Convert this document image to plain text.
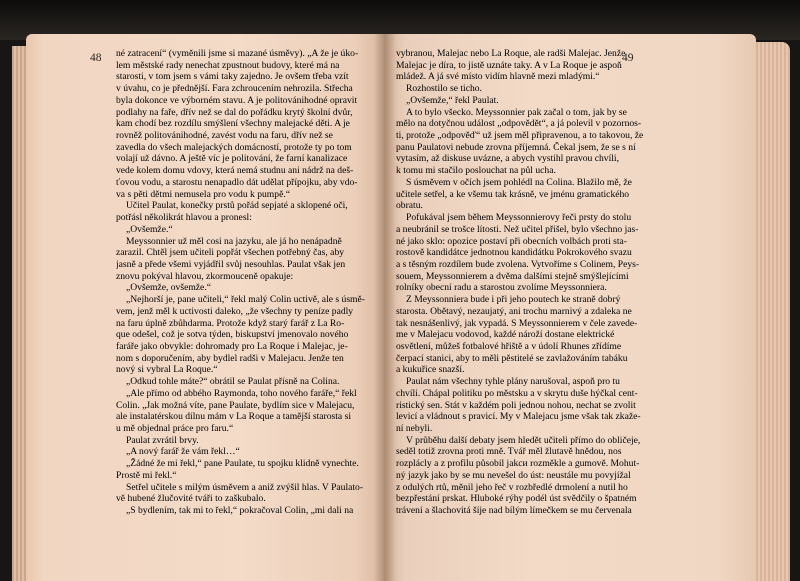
48	49
né zatracení“ (vyměnili jsme si mazané úsměvy). „A že je úko-
lem městské rady nenechat zpustnout budovy, které má na
starosti, v tom jsem s vámi taky zajedno. Je ovšem třeba vzít
v úvahu, co je přednější. Fara zchroucením nehrozila. Střecha
byla dokonce ve výborném stavu. A je politovánihodné opravit
podlahy na faře, dřív než se dal do pořádku krytý školní dvůr,
kam chodí bez rozdílu smýšlení všechny malejacké děti. A je
rovněž politovánihodné, zavést vodu na faru, dřív než se
zavedla do všech malejackých domácností, protože ty po tom
volají už dávno. A ještě víc je politování, že farní kanalizace
vede kolem domu vdovy, která nemá studnu ani nádrž na deš-
ťovou vodu, a starostu nenapadlo dát udělat přípojku, aby vdo-
va s pěti dětmi nemusela pro vodu k pumpě.“
Učitel Paulat, konečky prstů pořád sepjaté a sklopené oči,
potřásl několikrát hlavou a pronesl:
„Ovšemže.“
Meyssonnier už měl cosi na jazyku, ale já ho nenápadně
zarazil. Chtěl jsem učiteli popřát všechen potřebný čas, aby
jasně a přede všemi vyjádřil svůj nesouhlas. Paulat však jen
znovu pokýval hlavou, zkormouceně opakuje:
„Ovšemže, ovšemže.“
„Nejhorší je, pane učiteli,“ řekl malý Colin uctivě, ale s úsmě-
vem, jenž měl k uctivosti daleko, „že všechny ty peníze padly
na faru úplně zbůhdarma. Protože když starý farář z La Ro-
que odešel, což je sotva týden, biskupství jmenovalo nového
faráře jako obvykle: dohromady pro La Roque i Malejac, je-
nom s doporučením, aby bydlel radši v Malejacu. Jenže ten
nový si vybral La Roque.“
„Odkud tohle máte?“ obrátil se Paulat přísně na Colina.
„Ale přímo od abbého Raymonda, toho nového faráře,“ řekl
Colin. „Jak možná víte, pane Paulate, bydlím sice v Malejacu,
ale instalatérskou dílnu mám v La Roque a tamější starosta si
u mě objednal práce pro faru.“
Paulat zvrátil brvy.
„A nový farář že vám řekl…“
„Žádné že mi řekl,“ pane Paulate, tu spojku klidně vynechte.
Prostě mi řekl.“
Setřel učitele s milým úsměvem a aniž zvýšil hlas. V Paulato-
vě hubené žlučovité tváři to zaškubalo.
„S bydlením, tak mi to řekl,“ pokračoval Colin, „mi dali na
vybranou, Malejac nebo La Roque, ale radši Malejac. Jenže
Malejac je díra, to jistě uznáte taky. A v La Roque je aspoň
mládež. A já své místo vidím hlavně mezi mladými.“
Rozhostilo se ticho.
„Ovšemže,“ řekl Paulat.
A to bylo všecko. Meyssonnier pak začal o tom, jak by se
mělo na dotyčnou událost „odpovědět“, a já polevil v pozornos-
ti, protože „odpověď“ už jsem měl připravenou, a to takovou, že
panu Paulatovi nebude zrovna příjemná. Čekal jsem, že se s ní
vytasím, až diskuse uvázne, a abych vystihl pravou chvíli,
k tomu mi stačilo poslouchat na půl ucha.
S úsměvem v očích jsem pohlédl na Colina. Blažilo mě, že
učitele setřel, a ke všemu tak krásně, ve jménu gramatického
obratu.
Pofukával jsem během Meyssonnierovy řeči prsty do stolu
a neubránil se trošce lítosti. Než učitel přišel, bylo všechno jas-
né jako sklo: opozice postaví při obecních volbách proti sta-
rostově kandidátce jednotnou kandidátku Pokrokového svazu
a s těsným rozdílem bude zvolena. Vytvoříme s Colinem, Peys-
souem, Meyssonnierem a dvěma dalšími stejně smýšlejícími
rolníky obecní radu a starostou zvolíme Meyssonniera.
Z Meyssonniera bude i při jeho poutech ke straně dobrý
starosta. Obětavý, nezaujatý, ani trochu marnivý a zdaleka ne
tak nesnášenlivý, jak vypadá. S Meyssonnierem v čele zavede-
me v Malejacu vodovod, každé nároží dostane elektrické
osvětlení, můžeš fotbalové hřiště a v údolí Rhunes zřídíme
čerpací stanici, aby to měli pěstitelé se zavlažováním tabáku
a kukuřice snazší.
Paulat nám všechny tyhle plány narušoval, aspoň pro tu
chvíli. Chápal politiku po městsku a v skrytu duše hýčkal cent-
ristický sen. Stát v každém poli jednou nohou, nechat se zvolit
levicí a vládnout s pravicí. My v Malejacu jsme však tak zkaže-
ní nebyli.
V průběhu další debaty jsem hledět učiteli přímo do obličeje,
seděl totiž zrovna proti mně. Tvář měl žlutavě hnědou, nos
rozplácly a z profilu působil jakси rozměkle a gumově. Mohut-
ný jazyk jako by se mu nevešel do úst: neustále mu povyjížal
z odulých rtů, měnil jeho řeč v rozbředlé drmolení a nutil ho
bezpřestání prskat. Hluboké rýhy podél úst svědčily o špatném
trávení a šlachovitá šíje nad bílým límečkem se mu červenala
